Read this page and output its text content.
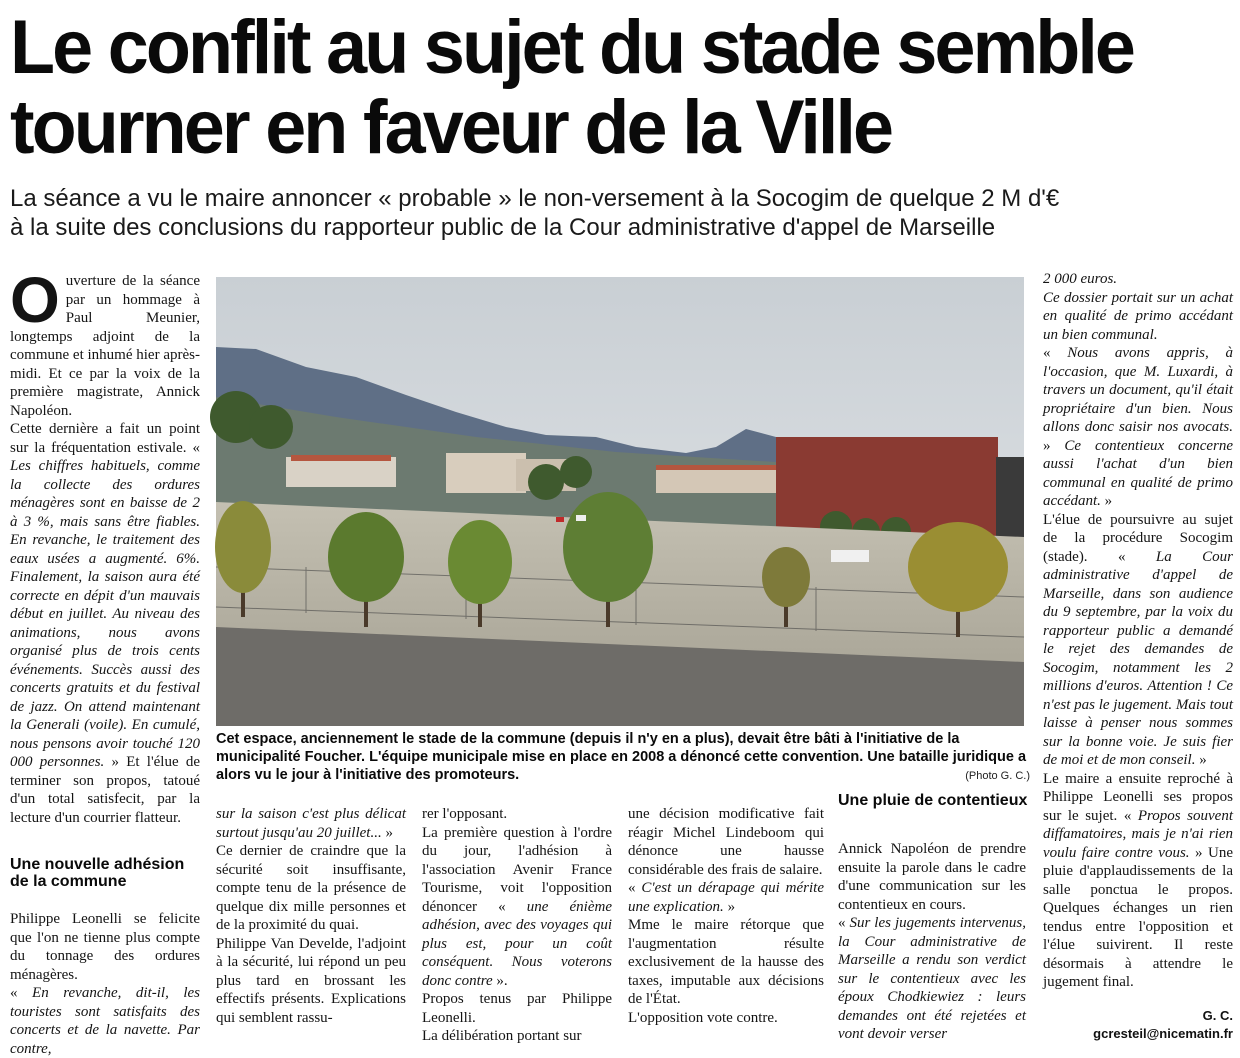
Le conflit au sujet du stade semble
tourner en faveur de la Ville
La séance a vu le maire annoncer « probable » le non-versement à la Socogim de quelque 2 M d'€
à la suite des conclusions du rapporteur public de la Cour administrative d'appel de Marseille
O uverture de la séance par un hommage à Paul Meunier, longtemps adjoint de la commune et inhumé hier après-midi. Et ce par la voix de la première magistrate, Annick Napoléon.

Cette dernière a fait un point sur la fréquentation estivale. « Les chiffres habituels, comme la collecte des ordures ménagères sont en baisse de 2 à 3 %, mais sans être fiables. En revanche, le traitement des eaux usées a augmenté. 6%. Finalement, la saison aura été correcte en dépit d'un mauvais début en juillet. Au niveau des animations, nous avons organisé plus de trois cents événements. Succès aussi des concerts gratuits et du festival de jazz. On attend maintenant la Generali (voile). En cumulé, nous pensons avoir touché 120 000 personnes. » Et l'élue de terminer son propos, tatoué d'un total satisfecit, par la lecture d'un courrier flatteur.

Une nouvelle adhésion de la commune

Philippe Leonelli se felicite que l'on ne tienne plus compte du tonnage des ordures ménagères.

« En revanche, dit-il, les touristes sont satisfaits des concerts et de la navette. Par contre,

Cet espace, anciennement le stade de la commune (depuis il n'y en a plus), devait être bâti à l'initiative de la municipalité Foucher. L'équipe municipale mise en place en 2008 a dénoncé cette convention. Une bataille juridique a alors vu le jour à l'initiative des promoteurs.	(Photo G. C.)

sur la saison c'est plus délicat surtout jusqu'au 20 juillet... »

Ce dernier de craindre que la sécurité soit insuffisante, compte tenu de la présence de quelque dix mille personnes et de la proximité du quai.

Philippe Van Develde, l'adjoint à la sécurité, lui répond un peu plus tard en brossant les effectifs présents. Explications qui semblent rassu-

rer l'opposant.

La première question à l'ordre du jour, l'adhésion à l'association Avenir France Tourisme, voit l'opposition dénoncer « une énième adhésion, avec des voyages qui plus est, pour un coût conséquent. Nous voterons donc contre ».

Propos tenus par Philippe Leonelli.

La délibération portant sur

une décision modificative fait réagir Michel Lindeboom qui dénonce une hausse considérable des frais de salaire.

« C'est un dérapage qui mérite une explication. »

Mme le maire rétorque que l'augmentation résulte exclusivement de la hausse des taxes, imputable aux décisions de l'État.

L'opposition vote contre.

Une pluie de contentieux

Annick Napoléon de prendre ensuite la parole dans le cadre d'une communication sur les contentieux en cours.

« Sur les jugements intervenus, la Cour administrative de Marseille a rendu son verdict sur le contentieux avec les époux Chodkiewiez : leurs demandes ont été rejetées et vont devoir verser

2 000 euros.

Ce dossier portait sur un achat en qualité de primo accédant un bien communal.

« Nous avons appris, à l'occasion, que M. Luxardi, à travers un document, qu'il était propriétaire d'un bien. Nous allons donc saisir nos avocats. » Ce contentieux concerne aussi l'achat d'un bien communal en qualité de primo accédant. »

L'élue de poursuivre au sujet de la procédure Socogim (stade). « La Cour administrative d'appel de Marseille, dans son audience du 9 septembre, par la voix du rapporteur public a demandé le rejet des demandes de Socogim, notamment les 2 millions d'euros. Attention ! Ce n'est pas le jugement. Mais tout laisse à penser nous sommes sur la bonne voie. Je suis fier de moi et de mon conseil. »

Le maire a ensuite reproché à Philippe Leonelli ses propos sur le sujet. « Propos souvent diffamatoires, mais je n'ai rien voulu faire contre vous. » Une pluie d'applaudissements de la salle ponctua le propos. Quelques échanges un rien tendus entre l'opposition et l'élue suivirent. Il reste désormais à attendre le jugement final.

G. C.
gcresteil@nicematin.fr
